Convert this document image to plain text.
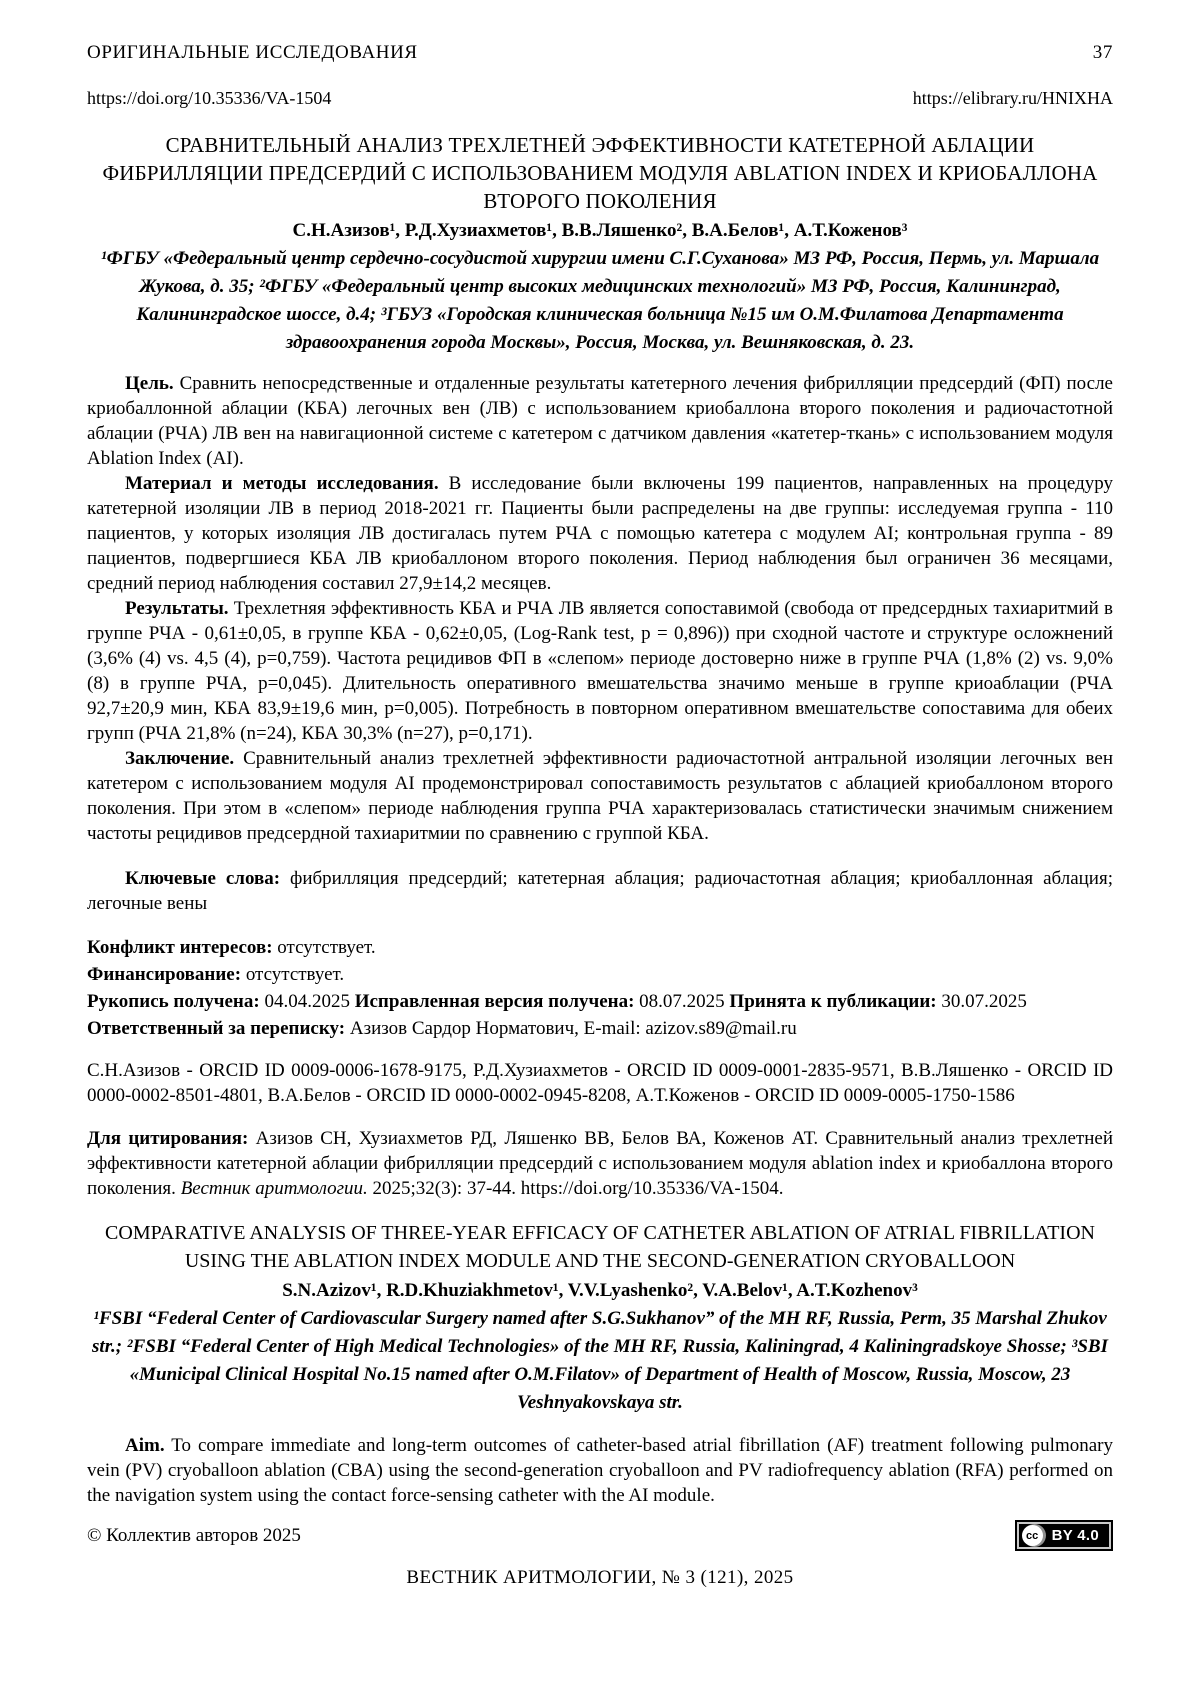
ОРИГИНАЛЬНЫЕ ИССЛЕДОВАНИЯ	37
https://doi.org/10.35336/VA-1504	https://elibrary.ru/HNIXHA
СРАВНИТЕЛЬНЫЙ АНАЛИЗ ТРЕХЛЕТНЕЙ ЭФФЕКТИВНОСТИ КАТЕТЕРНОЙ АБЛАЦИИ ФИБРИЛЛЯЦИИ ПРЕДСЕРДИЙ С ИСПОЛЬЗОВАНИЕМ МОДУЛЯ ABLATION INDEX И КРИОБАЛЛОНА ВТОРОГО ПОКОЛЕНИЯ
С.Н.Азизов¹, Р.Д.Хузиахметов¹, В.В.Ляшенко², В.А.Белов¹, А.Т.Коженов³
¹ФГБУ «Федеральный центр сердечно-сосудистой хирургии имени С.Г.Суханова» МЗ РФ, Россия, Пермь, ул. Маршала Жукова, д. 35; ²ФГБУ «Федеральный центр высоких медицинских технологий» МЗ РФ, Россия, Калининград, Калининградское шоссе, д.4; ³ГБУЗ «Городская клиническая больница №15 им О.М.Филатова Департамента здравоохранения города Москвы», Россия, Москва, ул. Вешняковская, д. 23.

Цель. Сравнить непосредственные и отдаленные результаты катетерного лечения фибрилляции предсердий (ФП) после криобаллонной аблации (КБА) легочных вен (ЛВ) с использованием криобаллона второго поколения и радиочастотной аблации (РЧА) ЛВ вен на навигационной системе с катетером с датчиком давления «катетер-ткань» с использованием модуля Ablation Index (AI).

Материал и методы исследования. В исследование были включены 199 пациентов, направленных на процедуру катетерной изоляции ЛВ в период 2018-2021 гг. Пациенты были распределены на две группы: исследуемая группа - 110 пациентов, у которых изоляция ЛВ достигалась путем РЧА с помощью катетера с модулем AI; контрольная группа - 89 пациентов, подвергшиеся КБА ЛВ криобаллоном второго поколения. Период наблюдения был ограничен 36 месяцами, средний период наблюдения составил 27,9±14,2 месяцев.

Результаты. Трехлетняя эффективность КБА и РЧА ЛВ является сопоставимой (свобода от предсердных тахиаритмий в группе РЧА - 0,61±0,05, в группе КБА - 0,62±0,05, (Log-Rank test, p = 0,896)) при сходной частоте и структуре осложнений (3,6% (4) vs. 4,5 (4), p=0,759). Частота рецидивов ФП в «слепом» периоде достоверно ниже в группе РЧА (1,8% (2) vs. 9,0% (8) в группе РЧА, p=0,045). Длительность оперативного вмешательства значимо меньше в группе криоаблации (РЧА 92,7±20,9 мин, КБА 83,9±19,6 мин, p=0,005). Потребность в повторном оперативном вмешательстве сопоставима для обеих групп (РЧА 21,8% (n=24), КБА 30,3% (n=27), p=0,171).

Заключение. Сравнительный анализ трехлетней эффективности радиочастотной антральной изоляции легочных вен катетером с использованием модуля AI продемонстрировал сопоставимость результатов с аблацией криобаллоном второго поколения. При этом в «слепом» периоде наблюдения группа РЧА характеризовалась статистически значимым снижением частоты рецидивов предсердной тахиаритмии по сравнению с группой КБА.

Ключевые слова: фибрилляция предсердий; катетерная аблация; радиочастотная аблация; криобаллонная аблация; легочные вены

Конфликт интересов: отсутствует.

Финансирование: отсутствует.

Рукопись получена: 04.04.2025 Исправленная версия получена: 08.07.2025 Принята к публикации: 30.07.2025

Ответственный за переписку: Азизов Сардор Норматович, E-mail: azizov.s89@mail.ru

С.Н.Азизов - ORCID ID 0009-0006-1678-9175, Р.Д.Хузиахметов - ORCID ID 0009-0001-2835-9571, В.В.Ляшенко - ORCID ID 0000-0002-8501-4801, В.А.Белов - ORCID ID 0000-0002-0945-8208, А.Т.Коженов - ORCID ID 0009-0005-1750-1586

Для цитирования: Азизов СН, Хузиахметов РД, Ляшенко ВВ, Белов ВА, Коженов АТ. Сравнительный анализ трехлетней эффективности катетерной аблации фибрилляции предсердий с использованием модуля ablation index и криобаллона второго поколения. Вестник аритмологии. 2025;32(3): 37-44. https://doi.org/10.35336/VA-1504.

COMPARATIVE ANALYSIS OF THREE-YEAR EFFICACY OF CATHETER ABLATION OF ATRIAL FIBRILLATION USING THE ABLATION INDEX MODULE AND THE SECOND-GENERATION CRYOBALLOON
S.N.Azizov¹, R.D.Khuziakhmetov¹, V.V.Lyashenko², V.A.Belov¹, A.T.Kozhenov³
¹FSBI “Federal Center of Cardiovascular Surgery named after S.G.Sukhanov” of the MH RF, Russia, Perm, 35 Marshal Zhukov str.; ²FSBI “Federal Center of High Medical Technologies» of the MH RF, Russia, Kaliningrad, 4 Kaliningradskoye Shosse; ³SBI «Municipal Clinical Hospital No.15 named after O.M.Filatov» of Department of Health of Moscow, Russia, Moscow, 23 Veshnyakovskaya str.

Aim. To compare immediate and long-term outcomes of catheter-based atrial fibrillation (AF) treatment following pulmonary vein (PV) cryoballoon ablation (CBA) using the second-generation cryoballoon and PV radiofrequency ablation (RFA) performed on the navigation system using the contact force-sensing catheter with the AI module.

© Коллектив авторов 2025	cc BY 4.0
ВЕСТНИК АРИТМОЛОГИИ, № 3 (121), 2025
